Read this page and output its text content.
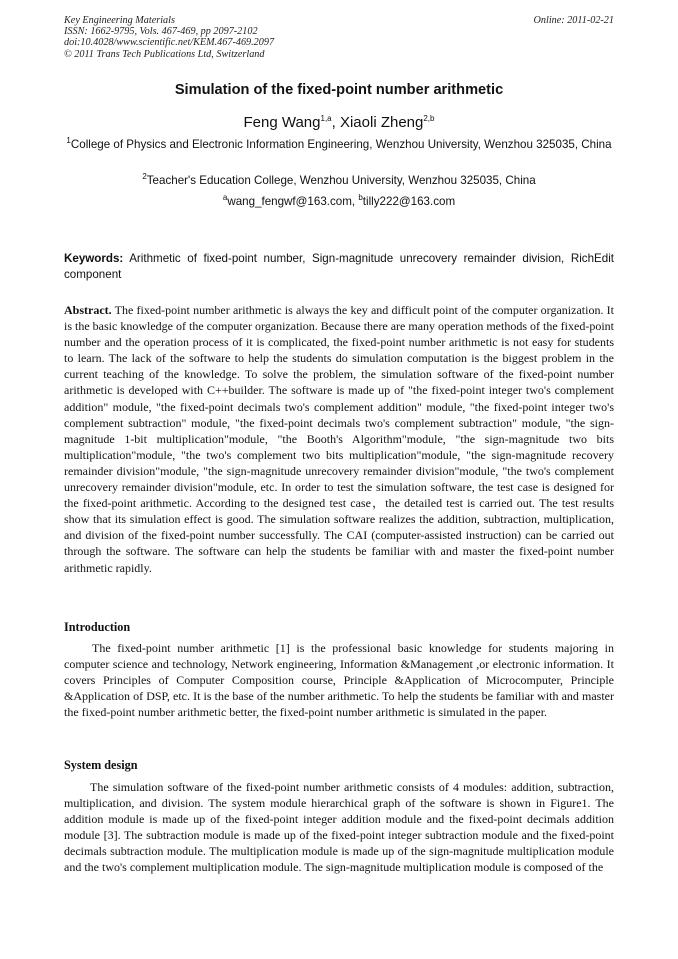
Key Engineering Materials
ISSN: 1662-9795, Vols. 467-469, pp 2097-2102
doi:10.4028/www.scientific.net/KEM.467-469.2097
© 2011 Trans Tech Publications Ltd, Switzerland
Online: 2011-02-21
Simulation of the fixed-point number arithmetic
Feng Wang$^{1,a}$, Xiaoli Zheng$^{2,b}$
$^1$College of Physics and Electronic Information Engineering, Wenzhou University, Wenzhou 325035, China
$^2$Teacher's Education College, Wenzhou University, Wenzhou 325035, China
$^a$wang_fengwf@163.com, $^b$tilly222@163.com
Keywords: Arithmetic of fixed-point number, Sign-magnitude unrecovery remainder division, RichEdit component
Abstract. The fixed-point number arithmetic is always the key and difficult point of the computer organization. It is the basic knowledge of the computer organization. Because there are many operation methods of the fixed-point number and the operation process of it is complicated, the fixed-point number arithmetic is not easy for students to learn. The lack of the software to help the students do simulation computation is the biggest problem in the current teaching of the knowledge. To solve the problem, the simulation software of the fixed-point number arithmetic is developed with C++builder. The software is made up of "the fixed-point integer two's complement addition" module, "the fixed-point decimals two's complement addition" module, "the fixed-point integer two's complement subtraction" module, "the fixed-point decimals two's complement subtraction" module, "the sign-magnitude 1-bit multiplication"module, "the Booth's Algorithm"module, "the sign-magnitude two bits multiplication"module, "the two's complement two bits multiplication"module, "the sign-magnitude recovery remainder division"module, "the sign-magnitude unrecovery remainder division"module, "the two's complement unrecovery remainder division"module, etc. In order to test the simulation software, the test case is designed for the fixed-point arithmetic. According to the designed test case，the detailed test is carried out. The test results show that its simulation effect is good. The simulation software realizes the addition, subtraction, multiplication, and division of the fixed-point number successfully. The CAI (computer-assisted instruction) can be carried out through the software. The software can help the students be familiar with and master the fixed-point number arithmetic rapidly.
Introduction
The fixed-point number arithmetic [1] is the professional basic knowledge for students majoring in computer science and technology, Network engineering, Information &Management ,or electronic information. It covers Principles of Computer Composition course, Principle &Application of Microcomputer, Principle &Application of DSP, etc. It is the base of the number arithmetic. To help the students be familiar with and master the fixed-point number arithmetic better, the fixed-point number arithmetic is simulated in the paper.
System design
The simulation software of the fixed-point number arithmetic consists of 4 modules: addition, subtraction, multiplication, and division. The system module hierarchical graph of the software is shown in Figure1. The addition module is made up of the fixed-point integer addition module and the fixed-point decimals addition module [3]. The subtraction module is made up of the fixed-point integer subtraction module and the fixed-point decimals subtraction module. The multiplication module is made up of the sign-magnitude multiplication module and the two's complement multiplication module. The sign-magnitude multiplication module is composed of the
